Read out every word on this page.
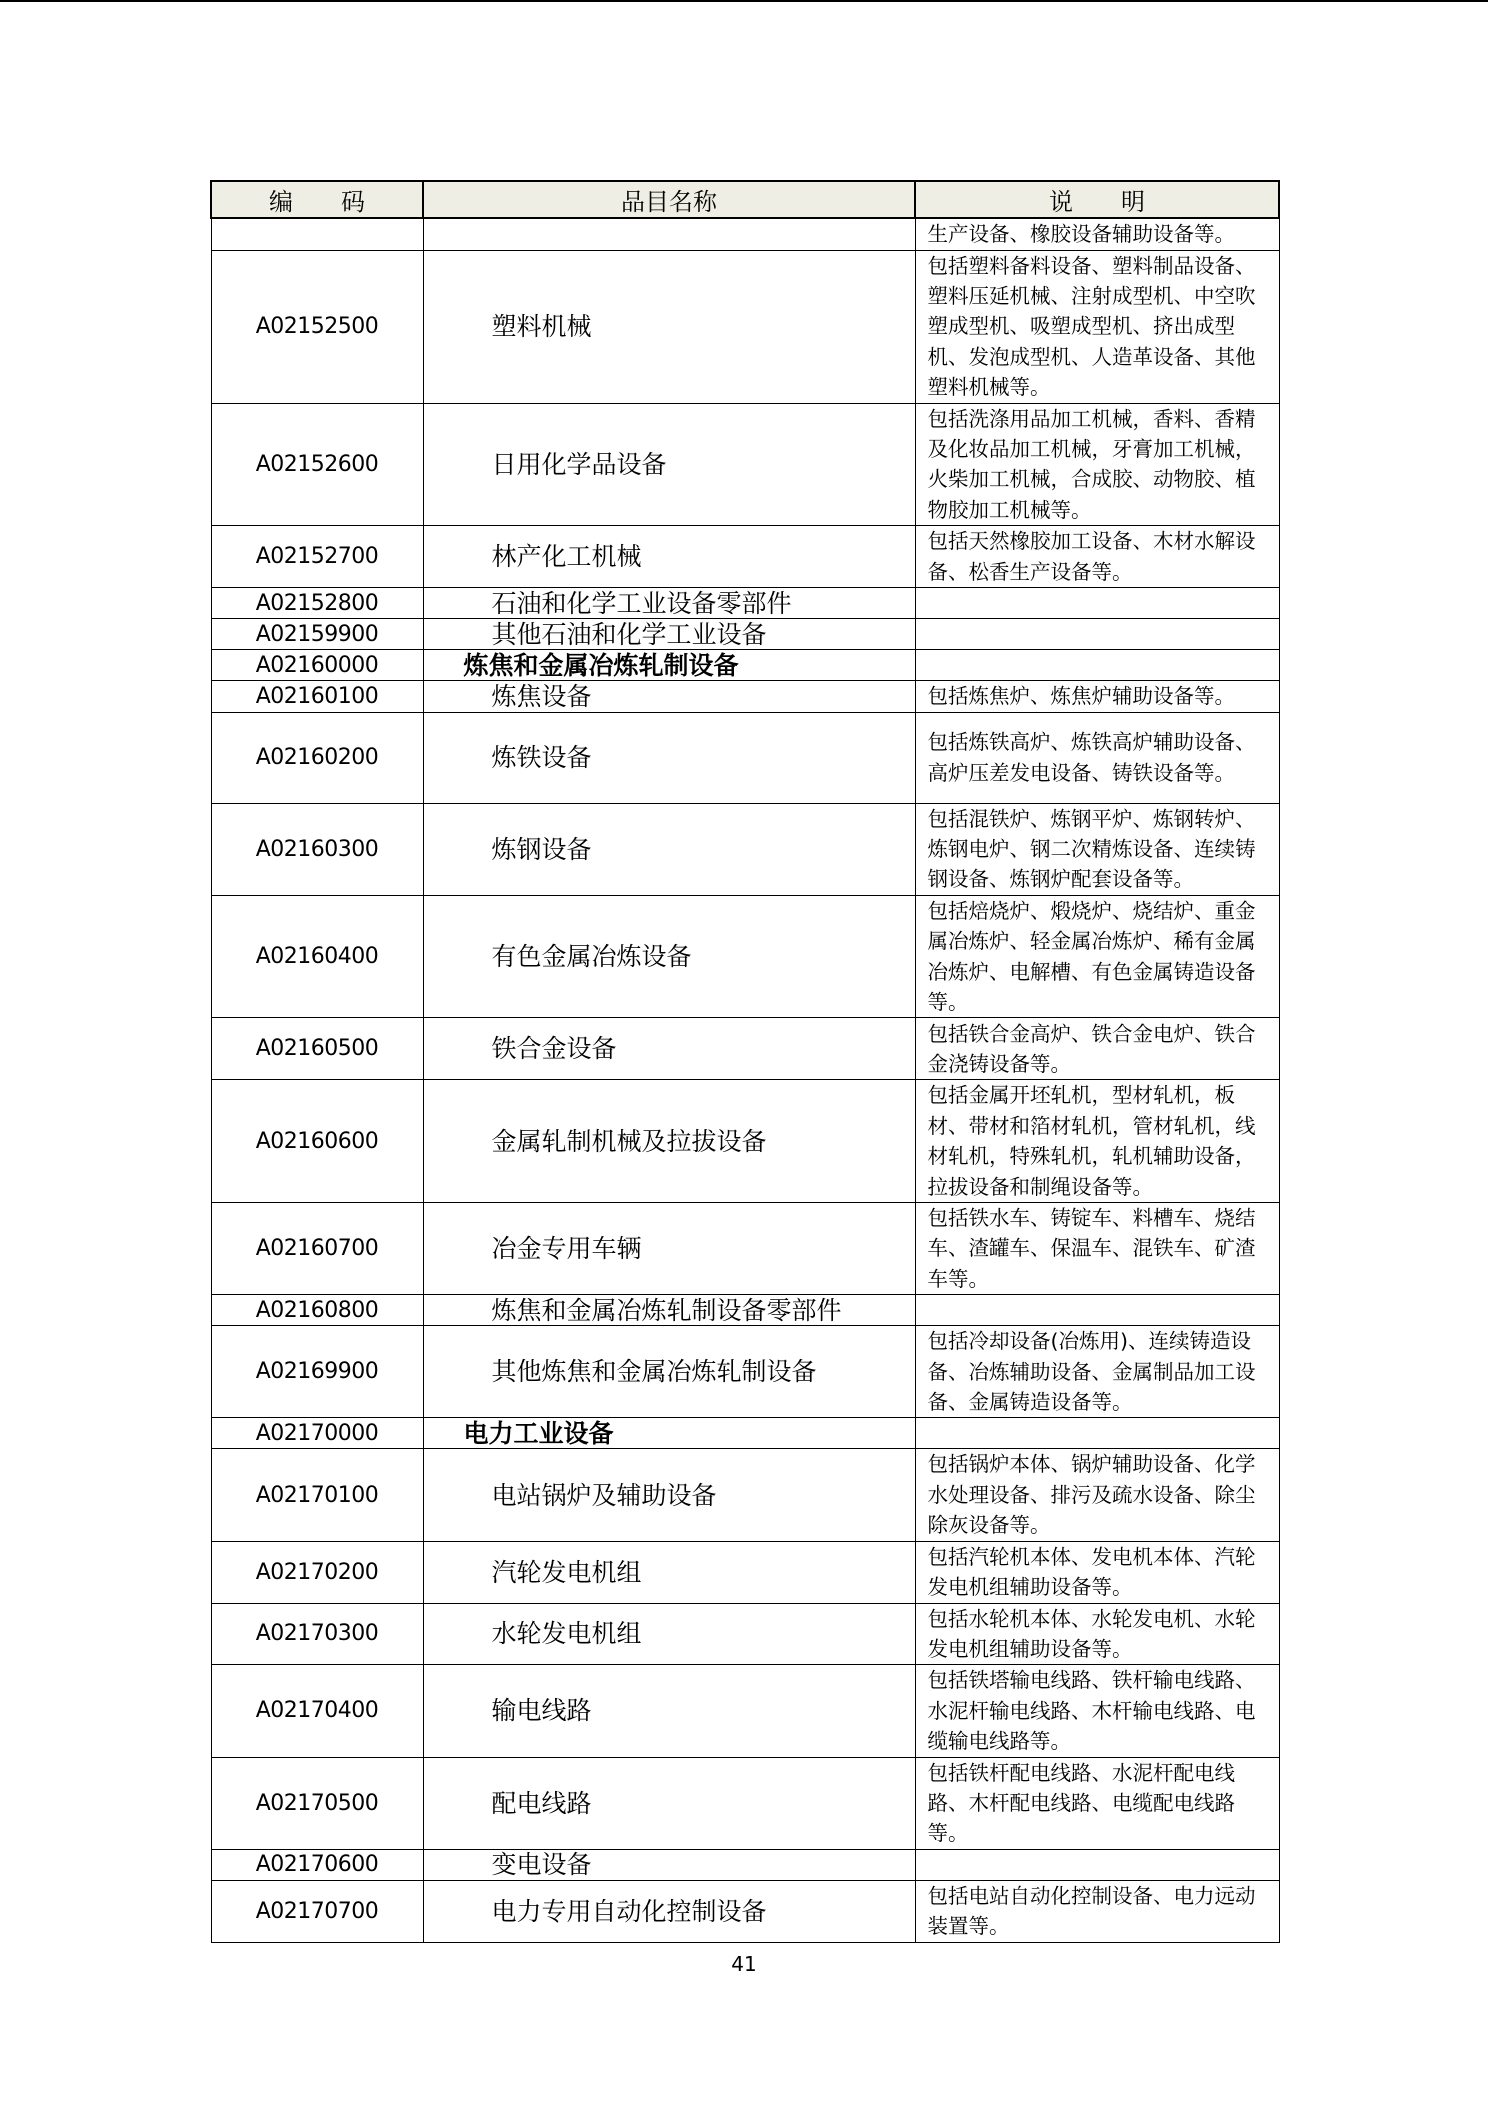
编　　码	品目名称	说　　明
		生产设备、橡胶设备辅助设备等。
A02152500	塑料机械	包括塑料备料设备、塑料制品设备、塑料压延机械、注射成型机、中空吹塑成型机、吸塑成型机、挤出成型机、发泡成型机、人造革设备、其他塑料机械等。
A02152600	日用化学品设备	包括洗涤用品加工机械，香料、香精及化妆品加工机械，牙膏加工机械，火柴加工机械，合成胶、动物胶、植物胶加工机械等。
A02152700	林产化工机械	包括天然橡胶加工设备、木材水解设备、松香生产设备等。
A02152800	石油和化学工业设备零部件	
A02159900	其他石油和化学工业设备	
A02160000	炼焦和金属冶炼轧制设备	
A02160100	炼焦设备	包括炼焦炉、炼焦炉辅助设备等。
A02160200	炼铁设备	包括炼铁高炉、炼铁高炉辅助设备、高炉压差发电设备、铸铁设备等。
A02160300	炼钢设备	包括混铁炉、炼钢平炉、炼钢转炉、炼钢电炉、钢二次精炼设备、连续铸钢设备、炼钢炉配套设备等。
A02160400	有色金属冶炼设备	包括焙烧炉、煅烧炉、烧结炉、重金属冶炼炉、轻金属冶炼炉、稀有金属冶炼炉、电解槽、有色金属铸造设备等。
A02160500	铁合金设备	包括铁合金高炉、铁合金电炉、铁合金浇铸设备等。
A02160600	金属轧制机械及拉拔设备	包括金属开坯轧机，型材轧机，板材、带材和箔材轧机，管材轧机，线材轧机，特殊轧机，轧机辅助设备，拉拔设备和制绳设备等。
A02160700	冶金专用车辆	包括铁水车、铸锭车、料槽车、烧结车、渣罐车、保温车、混铁车、矿渣车等。
A02160800	炼焦和金属冶炼轧制设备零部件	
A02169900	其他炼焦和金属冶炼轧制设备	包括冷却设备(冶炼用)、连续铸造设备、冶炼辅助设备、金属制品加工设备、金属铸造设备等。
A02170000	电力工业设备	
A02170100	电站锅炉及辅助设备	包括锅炉本体、锅炉辅助设备、化学水处理设备、排污及疏水设备、除尘除灰设备等。
A02170200	汽轮发电机组	包括汽轮机本体、发电机本体、汽轮发电机组辅助设备等。
A02170300	水轮发电机组	包括水轮机本体、水轮发电机、水轮发电机组辅助设备等。
A02170400	输电线路	包括铁塔输电线路、铁杆输电线路、水泥杆输电线路、木杆输电线路、电缆输电线路等。
A02170500	配电线路	包括铁杆配电线路、水泥杆配电线路、木杆配电线路、电缆配电线路等。
A02170600	变电设备	
A02170700	电力专用自动化控制设备	包括电站自动化控制设备、电力远动装置等。
41
